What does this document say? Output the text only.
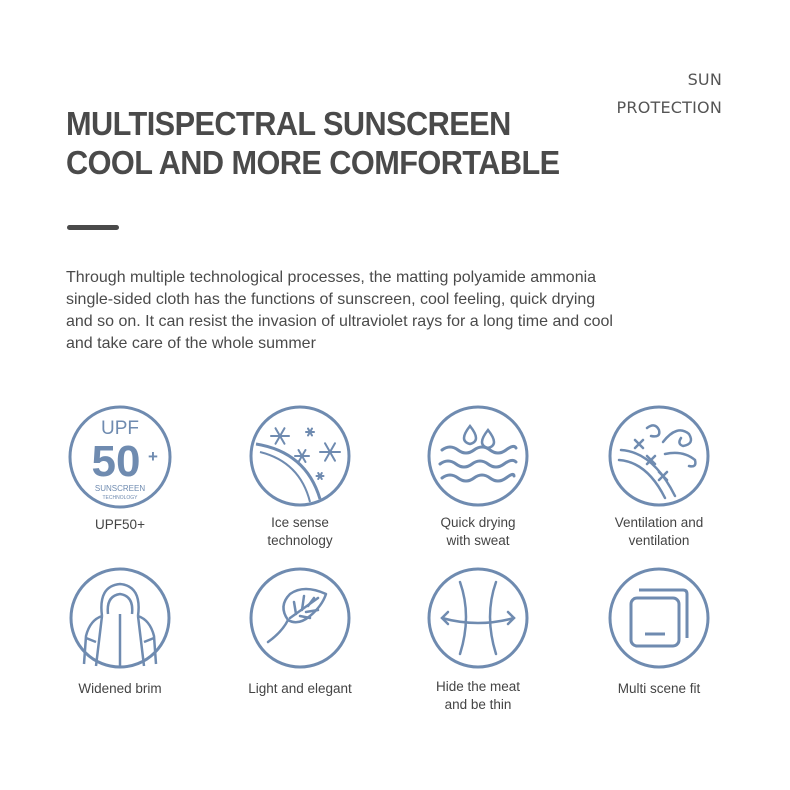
SUN
PROTECTION
MULTISPECTRAL SUNSCREEN
COOL AND MORE COMFORTABLE

Through multiple technological processes, the matting polyamide ammonia single-sided cloth has the functions of sunscreen, cool feeling, quick drying and so on. It can resist the invasion of ultraviolet rays for a long time and cool and take care of the whole summer

UPF
50 +
SUNSCREEN
TECHNOLOGY
UPF50+	Ice sense
technology
Quick drying
with sweat
Ventilation and
ventilation
Widened brim	Light and elegant	Hide the meat
and be thin
Multi scene fit
